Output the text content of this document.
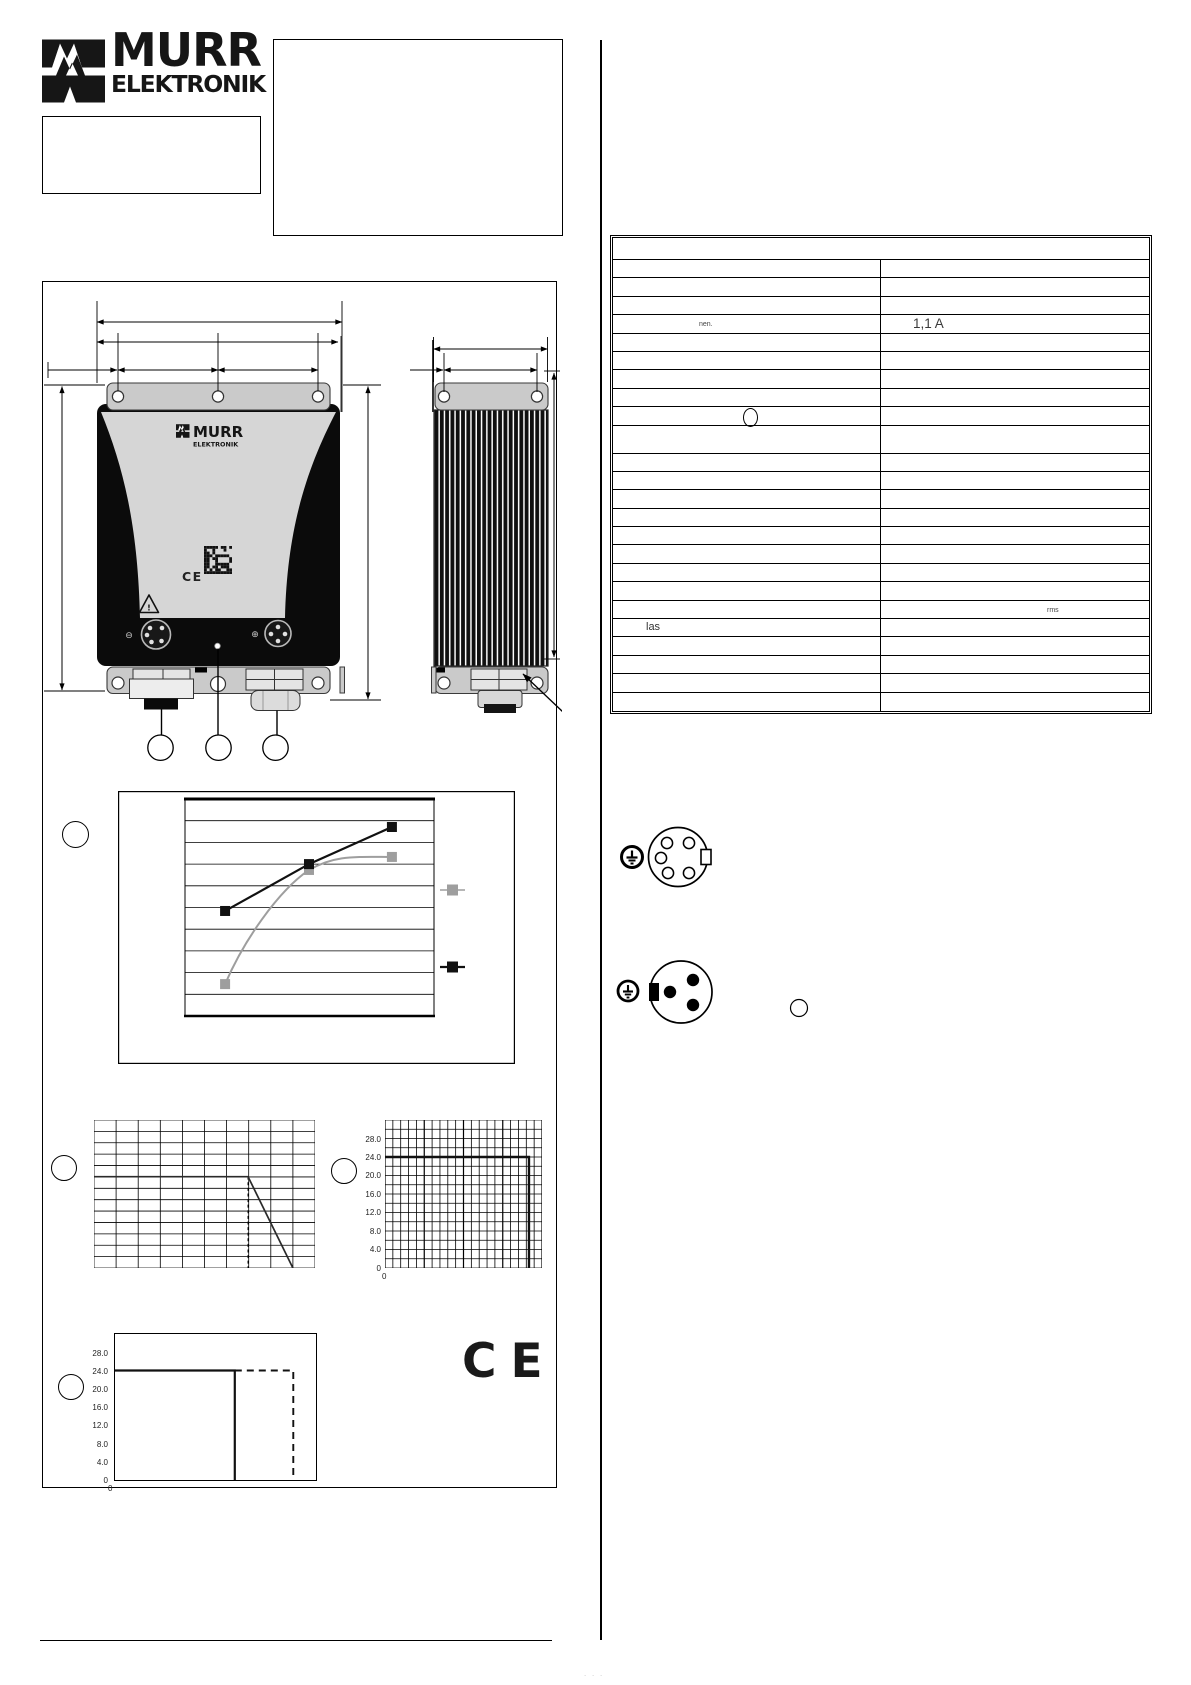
MURR
ELEKTRONIK
MURR
ELEKTRONIK
CE
!
⊖	⊕
28.0
24.0
20.0
16.0
12.0
8.0
4.0
0
0
28.0
24.0
20.0
16.0
12.0
8.0
4.0
0
0
CE
nen.	1,1 A
rms
las
· · ·
